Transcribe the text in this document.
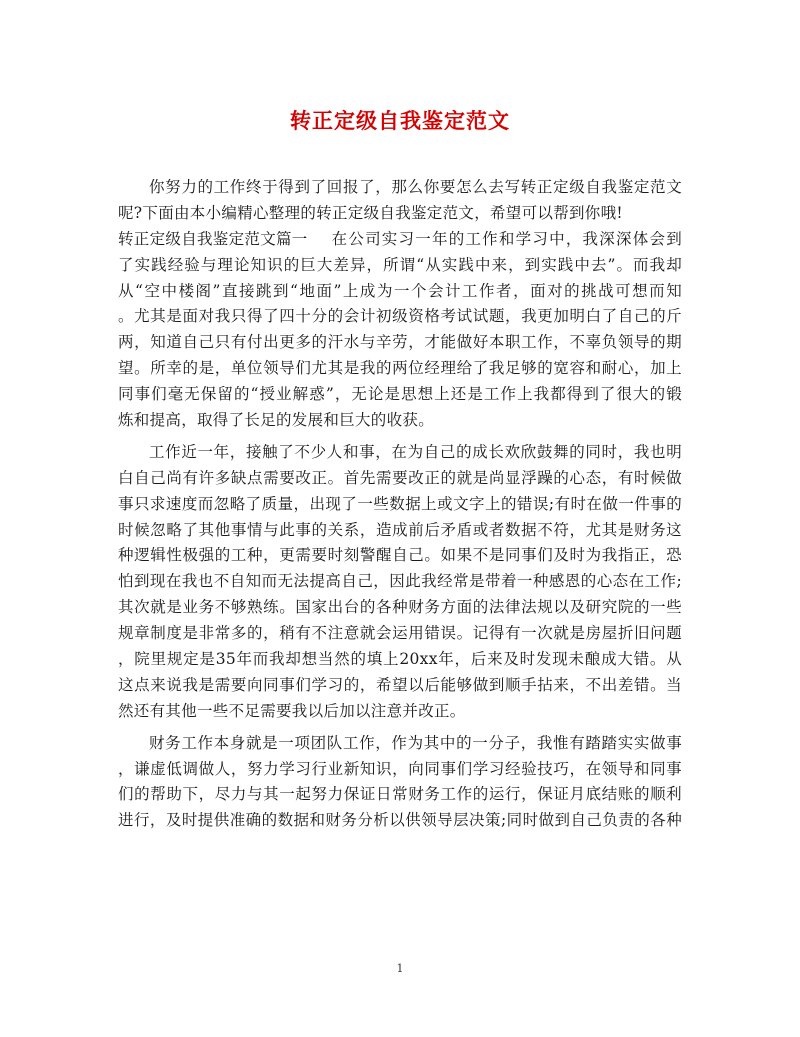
转正定级自我鉴定范文
你努力的工作终于得到了回报了，那么你要怎么去写转正定级自我鉴定范文
呢?下面由本小编精心整理的转正定级自我鉴定范文，希望可以帮到你哦!
转正定级自我鉴定范文篇一	在公司实习一年的工作和学习中，我深深体会到
了实践经验与理论知识的巨大差异，所谓“从实践中来，到实践中去”。而我却
从“空中楼阁”直接跳到“地面”上成为一个会计工作者，面对的挑战可想而知
。尤其是面对我只得了四十分的会计初级资格考试试题，我更加明白了自己的斤
两，知道自己只有付出更多的汗水与辛劳，才能做好本职工作，不辜负领导的期
望。所幸的是，单位领导们尤其是我的两位经理给了我足够的宽容和耐心，加上
同事们毫无保留的“授业解惑”，无论是思想上还是工作上我都得到了很大的锻
炼和提高，取得了长足的发展和巨大的收获。
工作近一年，接触了不少人和事，在为自己的成长欢欣鼓舞的同时，我也明
白自己尚有许多缺点需要改正。首先需要改正的就是尚显浮躁的心态，有时候做
事只求速度而忽略了质量，出现了一些数据上或文字上的错误;有时在做一件事的
时候忽略了其他事情与此事的关系，造成前后矛盾或者数据不符，尤其是财务这
种逻辑性极强的工种，更需要时刻警醒自己。如果不是同事们及时为我指正，恐
怕到现在我也不自知而无法提高自己，因此我经常是带着一种感恩的心态在工作;
其次就是业务不够熟练。国家出台的各种财务方面的法律法规以及研究院的一些
规章制度是非常多的，稍有不注意就会运用错误。记得有一次就是房屋折旧问题
，院里规定是35年而我却想当然的填上20xx年，后来及时发现未酿成大错。从
这点来说我是需要向同事们学习的，希望以后能够做到顺手拈来，不出差错。当
然还有其他一些不足需要我以后加以注意并改正。
财务工作本身就是一项团队工作，作为其中的一分子，我惟有踏踏实实做事
，谦虚低调做人，努力学习行业新知识，向同事们学习经验技巧，在领导和同事
们的帮助下，尽力与其一起努力保证日常财务工作的运行，保证月底结账的顺利
进行，及时提供准确的数据和财务分析以供领导层决策;同时做到自己负责的各种
1
